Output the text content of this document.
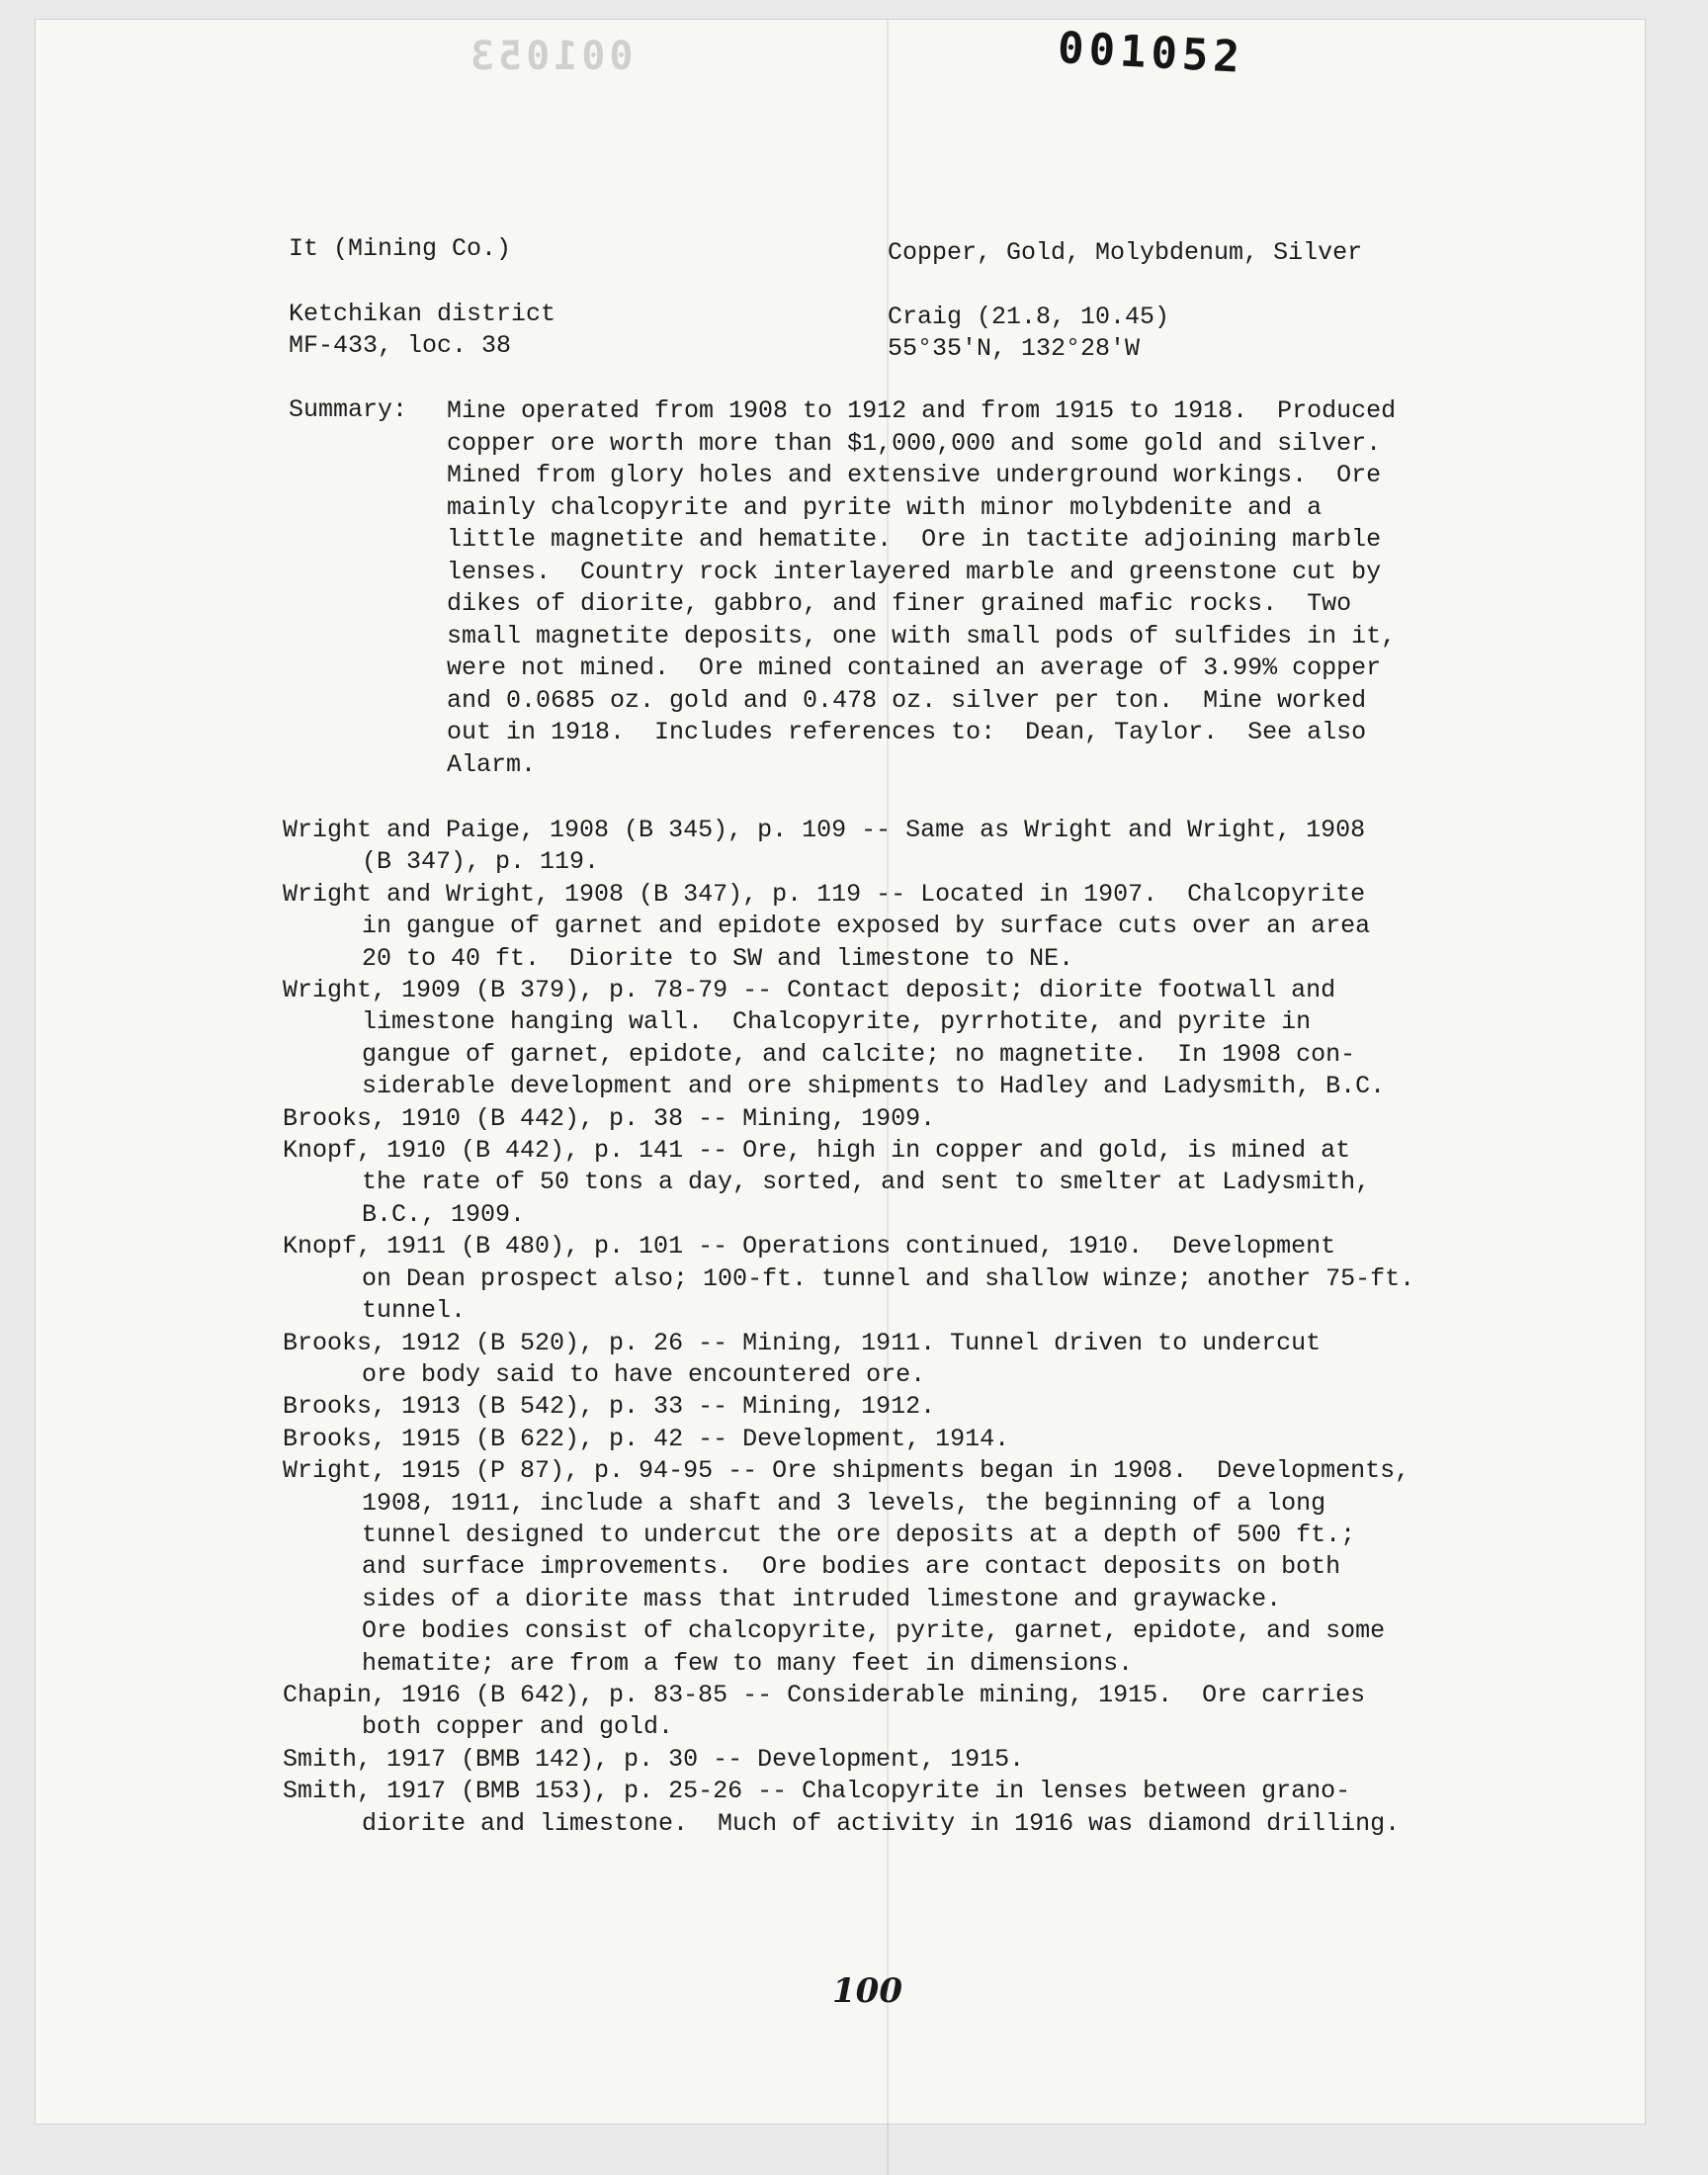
001053	001052
It (Mining Co.)	Copper, Gold, Molybdenum, Silver
Ketchikan district	Craig (21.8, 10.45)
MF-433, loc. 38	55°35'N, 132°28'W
Summary: Mine operated from 1908 to 1912 and from 1915 to 1918.  Produced
copper ore worth more than $1,000,000 and some gold and silver.
Mined from glory holes and extensive underground workings.  Ore
mainly chalcopyrite and pyrite with minor molybdenite and a
little magnetite and hematite.  Ore in tactite adjoining marble
lenses.  Country rock interlayered marble and greenstone cut by
dikes of diorite, gabbro, and finer grained mafic rocks.  Two
small magnetite deposits, one with small pods of sulfides in it,
were not mined.  Ore mined contained an average of 3.99% copper
and 0.0685 oz. gold and 0.478 oz. silver per ton.  Mine worked
out in 1918.  Includes references to:  Dean, Taylor.  See also
Alarm.
Wright and Paige, 1908 (B 345), p. 109 -- Same as Wright and Wright, 1908
(B 347), p. 119.
Wright and Wright, 1908 (B 347), p. 119 -- Located in 1907.  Chalcopyrite
in gangue of garnet and epidote exposed by surface cuts over an area
20 to 40 ft.  Diorite to SW and limestone to NE.
Wright, 1909 (B 379), p. 78-79 -- Contact deposit; diorite footwall and
limestone hanging wall.  Chalcopyrite, pyrrhotite, and pyrite in
gangue of garnet, epidote, and calcite; no magnetite.  In 1908 con-
siderable development and ore shipments to Hadley and Ladysmith, B.C.
Brooks, 1910 (B 442), p. 38 -- Mining, 1909.
Knopf, 1910 (B 442), p. 141 -- Ore, high in copper and gold, is mined at
the rate of 50 tons a day, sorted, and sent to smelter at Ladysmith,
B.C., 1909.
Knopf, 1911 (B 480), p. 101 -- Operations continued, 1910.  Development
on Dean prospect also; 100-ft. tunnel and shallow winze; another 75-ft.
tunnel.
Brooks, 1912 (B 520), p. 26 -- Mining, 1911. Tunnel driven to undercut
ore body said to have encountered ore.
Brooks, 1913 (B 542), p. 33 -- Mining, 1912.
Brooks, 1915 (B 622), p. 42 -- Development, 1914.
Wright, 1915 (P 87), p. 94-95 -- Ore shipments began in 1908.  Developments,
1908, 1911, include a shaft and 3 levels, the beginning of a long
tunnel designed to undercut the ore deposits at a depth of 500 ft.;
and surface improvements.  Ore bodies are contact deposits on both
sides of a diorite mass that intruded limestone and graywacke.
Ore bodies consist of chalcopyrite, pyrite, garnet, epidote, and some
hematite; are from a few to many feet in dimensions.
Chapin, 1916 (B 642), p. 83-85 -- Considerable mining, 1915.  Ore carries
both copper and gold.
Smith, 1917 (BMB 142), p. 30 -- Development, 1915.
Smith, 1917 (BMB 153), p. 25-26 -- Chalcopyrite in lenses between grano-
diorite and limestone.  Much of activity in 1916 was diamond drilling.
100
